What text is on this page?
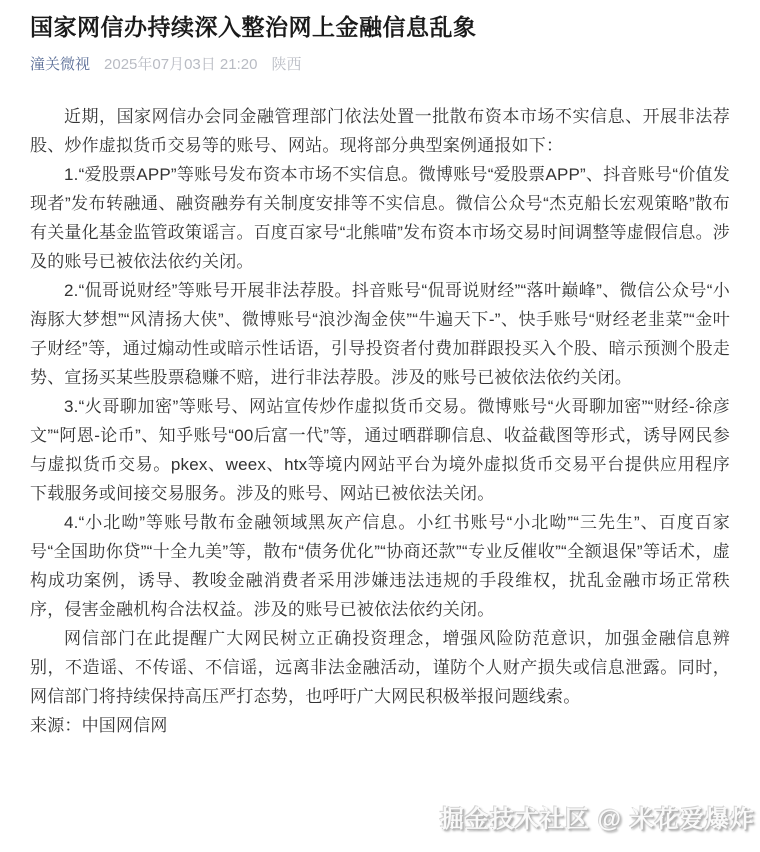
国家网信办持续深入整治网上金融信息乱象
潼关微视 2025年07月03日 21:20 陕西

近期，国家网信办会同金融管理部门依法处置一批散布资本市场不实信息、开展非法荐股、炒作虚拟货币交易等的账号、网站。现将部分典型案例通报如下：

1.“爱股票APP”等账号发布资本市场不实信息。微博账号“爱股票APP”、抖音账号“价值发现者”发布转融通、融资融券有关制度安排等不实信息。微信公众号“杰克船长宏观策略”散布有关量化基金监管政策谣言。百度百家号“北熊喵”发布资本市场交易时间调整等虚假信息。涉及的账号已被依法依约关闭。

2.“侃哥说财经”等账号开展非法荐股。抖音账号“侃哥说财经”“落叶巅峰”、微信公众号“小海豚大梦想”“风清扬大侠”、微博账号“浪沙淘金侠”“牛遍天下-”、快手账号“财经老韭菜”“金叶子财经”等，通过煽动性或暗示性话语，引导投资者付费加群跟投买入个股、暗示预测个股走势、宣扬买某些股票稳赚不赔，进行非法荐股。涉及的账号已被依法依约关闭。

3.“火哥聊加密”等账号、网站宣传炒作虚拟货币交易。微博账号“火哥聊加密”“财经-徐彦文”“阿恩-论币”、知乎账号“00后富一代”等，通过晒群聊信息、收益截图等形式，诱导网民参与虚拟货币交易。pkex、weex、htx等境内网站平台为境外虚拟货币交易平台提供应用程序下载服务或间接交易服务。涉及的账号、网站已被依法关闭。

4.“小北呦”等账号散布金融领域黑灰产信息。小红书账号“小北呦”“三先生”、百度百家号“全国助你贷”“十全九美”等，散布“债务优化”“协商还款”“专业反催收”“全额退保”等话术，虚构成功案例，诱导、教唆金融消费者采用涉嫌违法违规的手段维权，扰乱金融市场正常秩序，侵害金融机构合法权益。涉及的账号已被依法依约关闭。

网信部门在此提醒广大网民树立正确投资理念，增强风险防范意识，加强金融信息辨别，不造谣、不传谣、不信谣，远离非法金融活动，谨防个人财产损失或信息泄露。同时，网信部门将持续保持高压严打态势，也呼吁广大网民积极举报问题线索。

来源：中国网信网

掘金技术社区 @ 米花爱爆炸
